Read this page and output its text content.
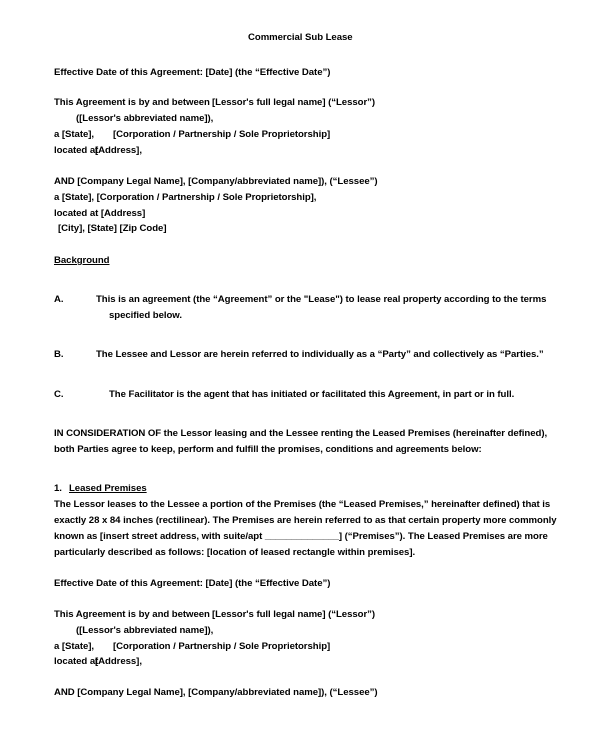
Commercial Sub Lease
Effective Date of this Agreement: [Date] (the “Effective Date”)
This Agreement is by and between [Lessor's full legal name] (“Lessor”)
([Lessor's abbreviated name]),
a [State], [Corporation / Partnership / Sole Proprietorship]
located at
[Address],
AND [Company Legal Name], [Company/abbreviated name]), (“Lessee”)
a [State], [Corporation / Partnership / Sole Proprietorship],
located at [Address]
[City], [State] [Zip Code]
Background
A.	This is an agreement (the “Agreement” or the "Lease") to lease real property according to the terms
specified below.
B.	The Lessee and Lessor are herein referred to individually as a “Party” and collectively as “Parties.”
C.	The Facilitator is the agent that has initiated or facilitated this Agreement, in part or in full.
IN CONSIDERATION OF the Lessor leasing and the Lessee renting the Leased Premises (hereinafter defined),
both Parties agree to keep, perform and fulfill the promises, conditions and agreements below:
1. Leased Premises
The Lessor leases to the Lessee a portion of the Premises (the “Leased Premises,” hereinafter defined) that is
exactly 28 x 84 inches (rectilinear). The Premises are herein referred to as that certain property more commonly
known as [insert street address, with suite/apt ______________] (“Premises”). The Leased Premises are more
particularly described as follows: [location of leased rectangle within premises].
Effective Date of this Agreement: [Date] (the “Effective Date”)
This Agreement is by and between [Lessor's full legal name] (“Lessor”)
([Lessor's abbreviated name]),
a [State], [Corporation / Partnership / Sole Proprietorship]
located at
[Address],
AND [Company Legal Name], [Company/abbreviated name]), (“Lessee”)
